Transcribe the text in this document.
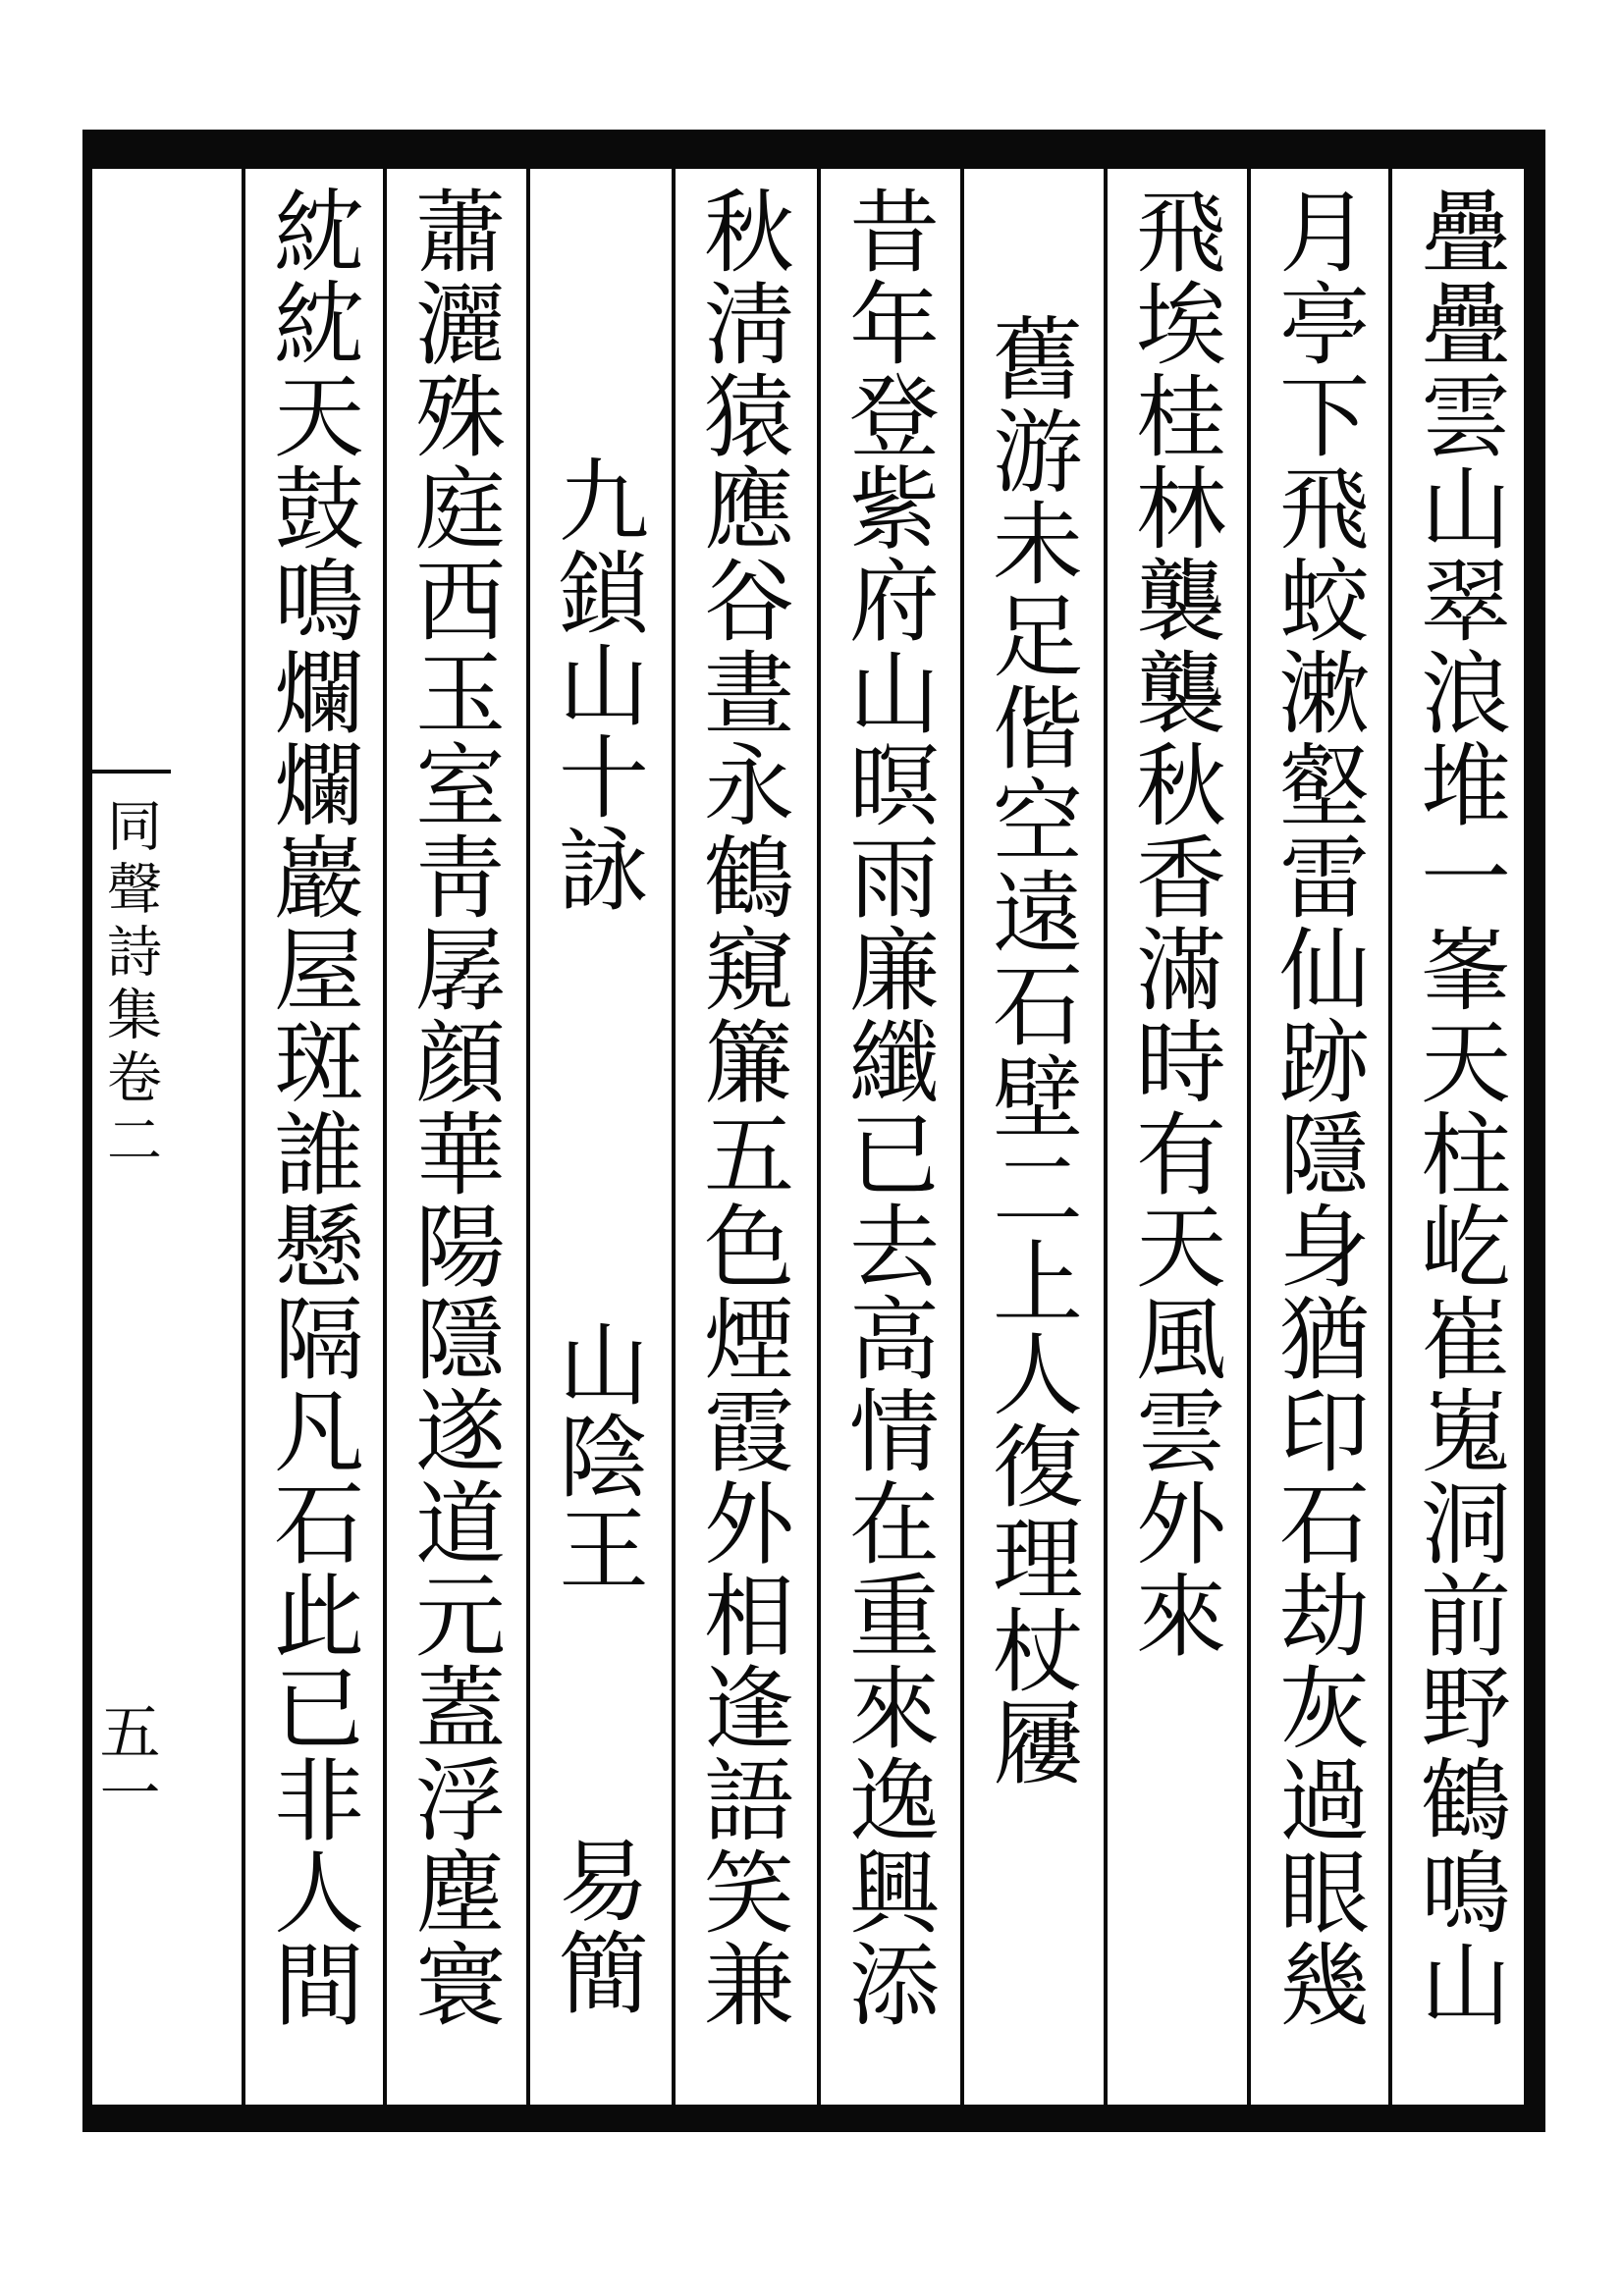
疊疊雲山翠浪堆一峯天柱屹崔嵬洞前野鶴鳴山
月亭下飛蛟漱壑雷仙跡隱身猶印石劫灰過眼幾
飛埃桂林襲襲秋香滿時有天風雲外來
舊游未足偕空遠石壁二上人復理杖屨
昔年登紫府山暝雨廉纖已去高情在重來逸興添
秋淸猿應谷晝永鶴窺簾五色煙霞外相逢語笑兼
九鎖山十詠
山陰王
易簡
蕭灑殊庭西玉室靑孱顔華陽隱遂道元蓋浮塵寰
紞紞天鼓鳴爛爛巖屋斑誰懸隔凡石此已非人間
同聲詩集卷二
五一
